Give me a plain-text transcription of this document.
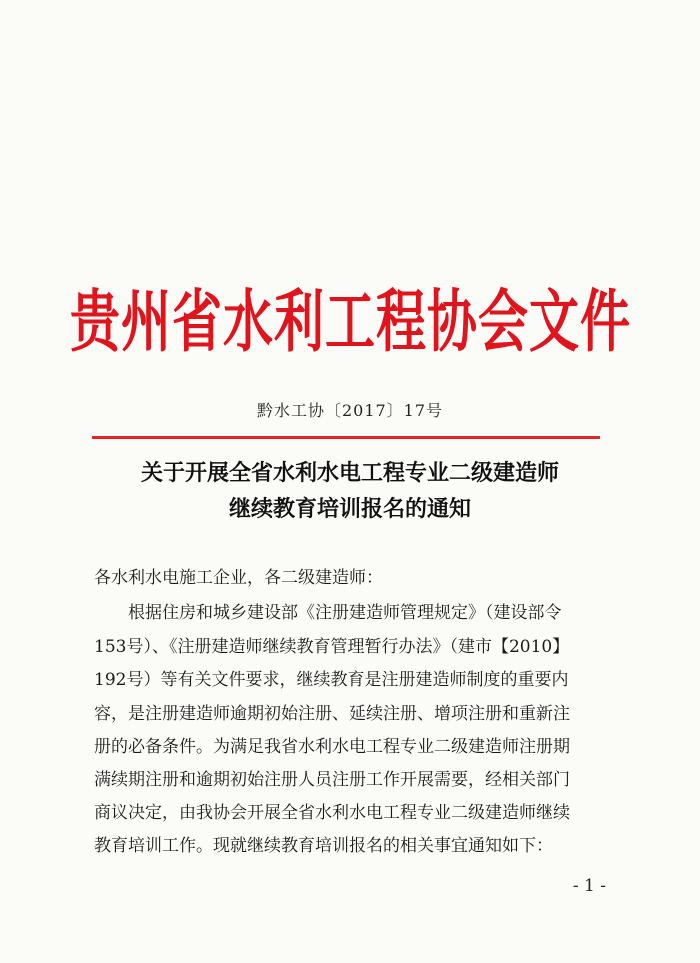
贵州省水利工程协会文件
黔水工协〔2017〕17号
关于开展全省水利水电工程专业二级建造师
继续教育培训报名的通知
各水利水电施工企业，各二级建造师：
根据住房和城乡建设部《注册建造师管理规定》（建设部令
153号）、《注册建造师继续教育管理暂行办法》（建市【2010】
192号）等有关文件要求，继续教育是注册建造师制度的重要内
容，是注册建造师逾期初始注册、延续注册、增项注册和重新注
册的必备条件。为满足我省水利水电工程专业二级建造师注册期
满续期注册和逾期初始注册人员注册工作开展需要，经相关部门
商议决定，由我协会开展全省水利水电工程专业二级建造师继续
教育培训工作。现就继续教育培训报名的相关事宜通知如下：
- 1 -
